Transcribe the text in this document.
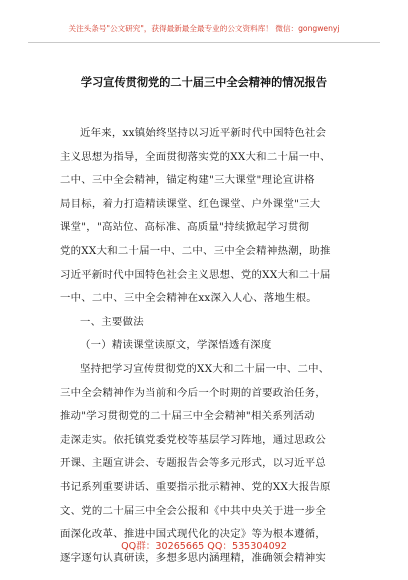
关注头条号"公文研究"，获得最新最全最专业的公文资料库！ 微信：gongwenyj
学习宣传贯彻党的二十届三中全会精神的情况报告
近年来，xx镇始终坚持以习近平新时代中国特色社会
主义思想为指导，全面贯彻落实党的XX大和二十届一中、
二中、三中全会精神，锚定构建"三大课堂"理论宣讲格
局目标，着力打造精读课堂、红色课堂、户外课堂"三大
课堂"，"高站位、高标准、高质量"持续掀起学习贯彻
党的XX大和二十届一中、二中、三中全会精神热潮，助推
习近平新时代中国特色社会主义思想、党的XX大和二十届
一中、二中、三中全会精神在xx深入人心、落地生根。
一、主要做法
（一）精读课堂读原文，学深悟透有深度
坚持把学习宣传贯彻党的XX大和二十届一中、二中、
三中全会精神作为当前和今后一个时期的首要政治任务，
推动"学习贯彻党的二十届三中全会精神"相关系列活动
走深走实。依托镇党委党校等基层学习阵地，通过思政公
开课、主题宣讲会、专题报告会等多元形式，以习近平总
书记系列重要讲话、重要指示批示精神、党的XX大报告原
文、党的二十届三中全会公报和《中共中央关于进一步全
面深化改革、推进中国式现代化的决定》等为根本遵循，
逐字逐句认真研读，多想多思内涵理精，准确领会精神实
QQ群：30265665 QQ：535304092
